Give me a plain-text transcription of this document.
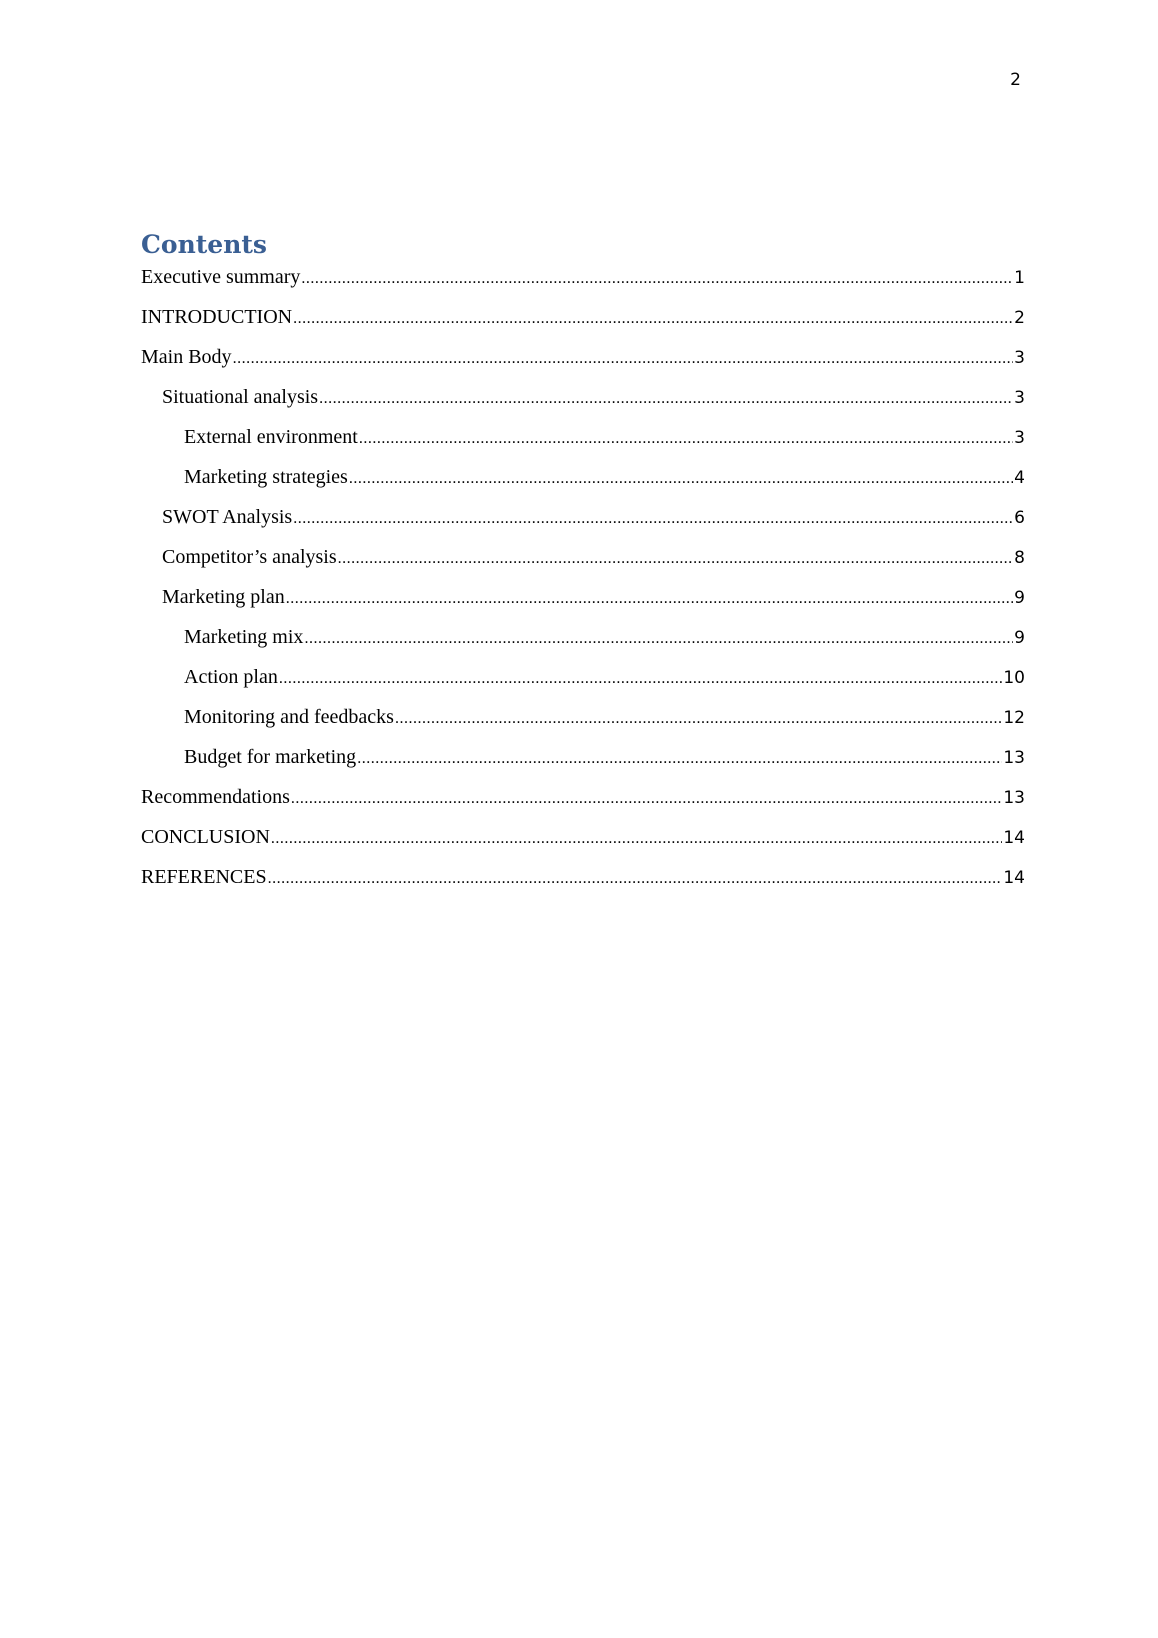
2
Contents
Executive summary .....	1
INTRODUCTION .....	2
Main Body .....	3
Situational analysis .....	3
External environment .....	3
Marketing strategies .....	4
SWOT Analysis .....	6
Competitor’s analysis .....	8
Marketing plan .....	9
Marketing mix .....	9
Action plan .....	10
Monitoring and feedbacks .....	12
Budget for marketing .....	13
Recommendations .....	13
CONCLUSION .....	14
REFERENCES .....	14
